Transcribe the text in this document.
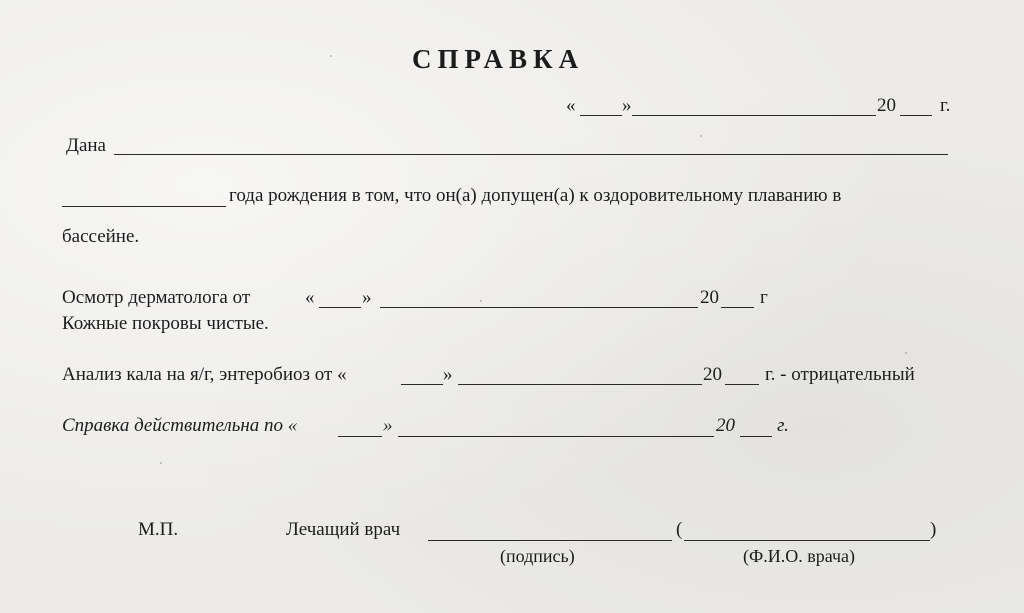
СПРАВКА
« »	20 г.
Дана
года рождения в том, что он(а) допущен(а) к оздоровительному плаванию в
бассейне.
Осмотр дерматолога от	«	»	20 г
Кожные покровы чистые.
Анализ кала на я/г, энтеробиоз от «	»	20 г. - отрицательный
Справка действительна по «	»	20 г.
М.П.	Лечащий врач	(	)
(подпись)	(Ф.И.О. врача)
